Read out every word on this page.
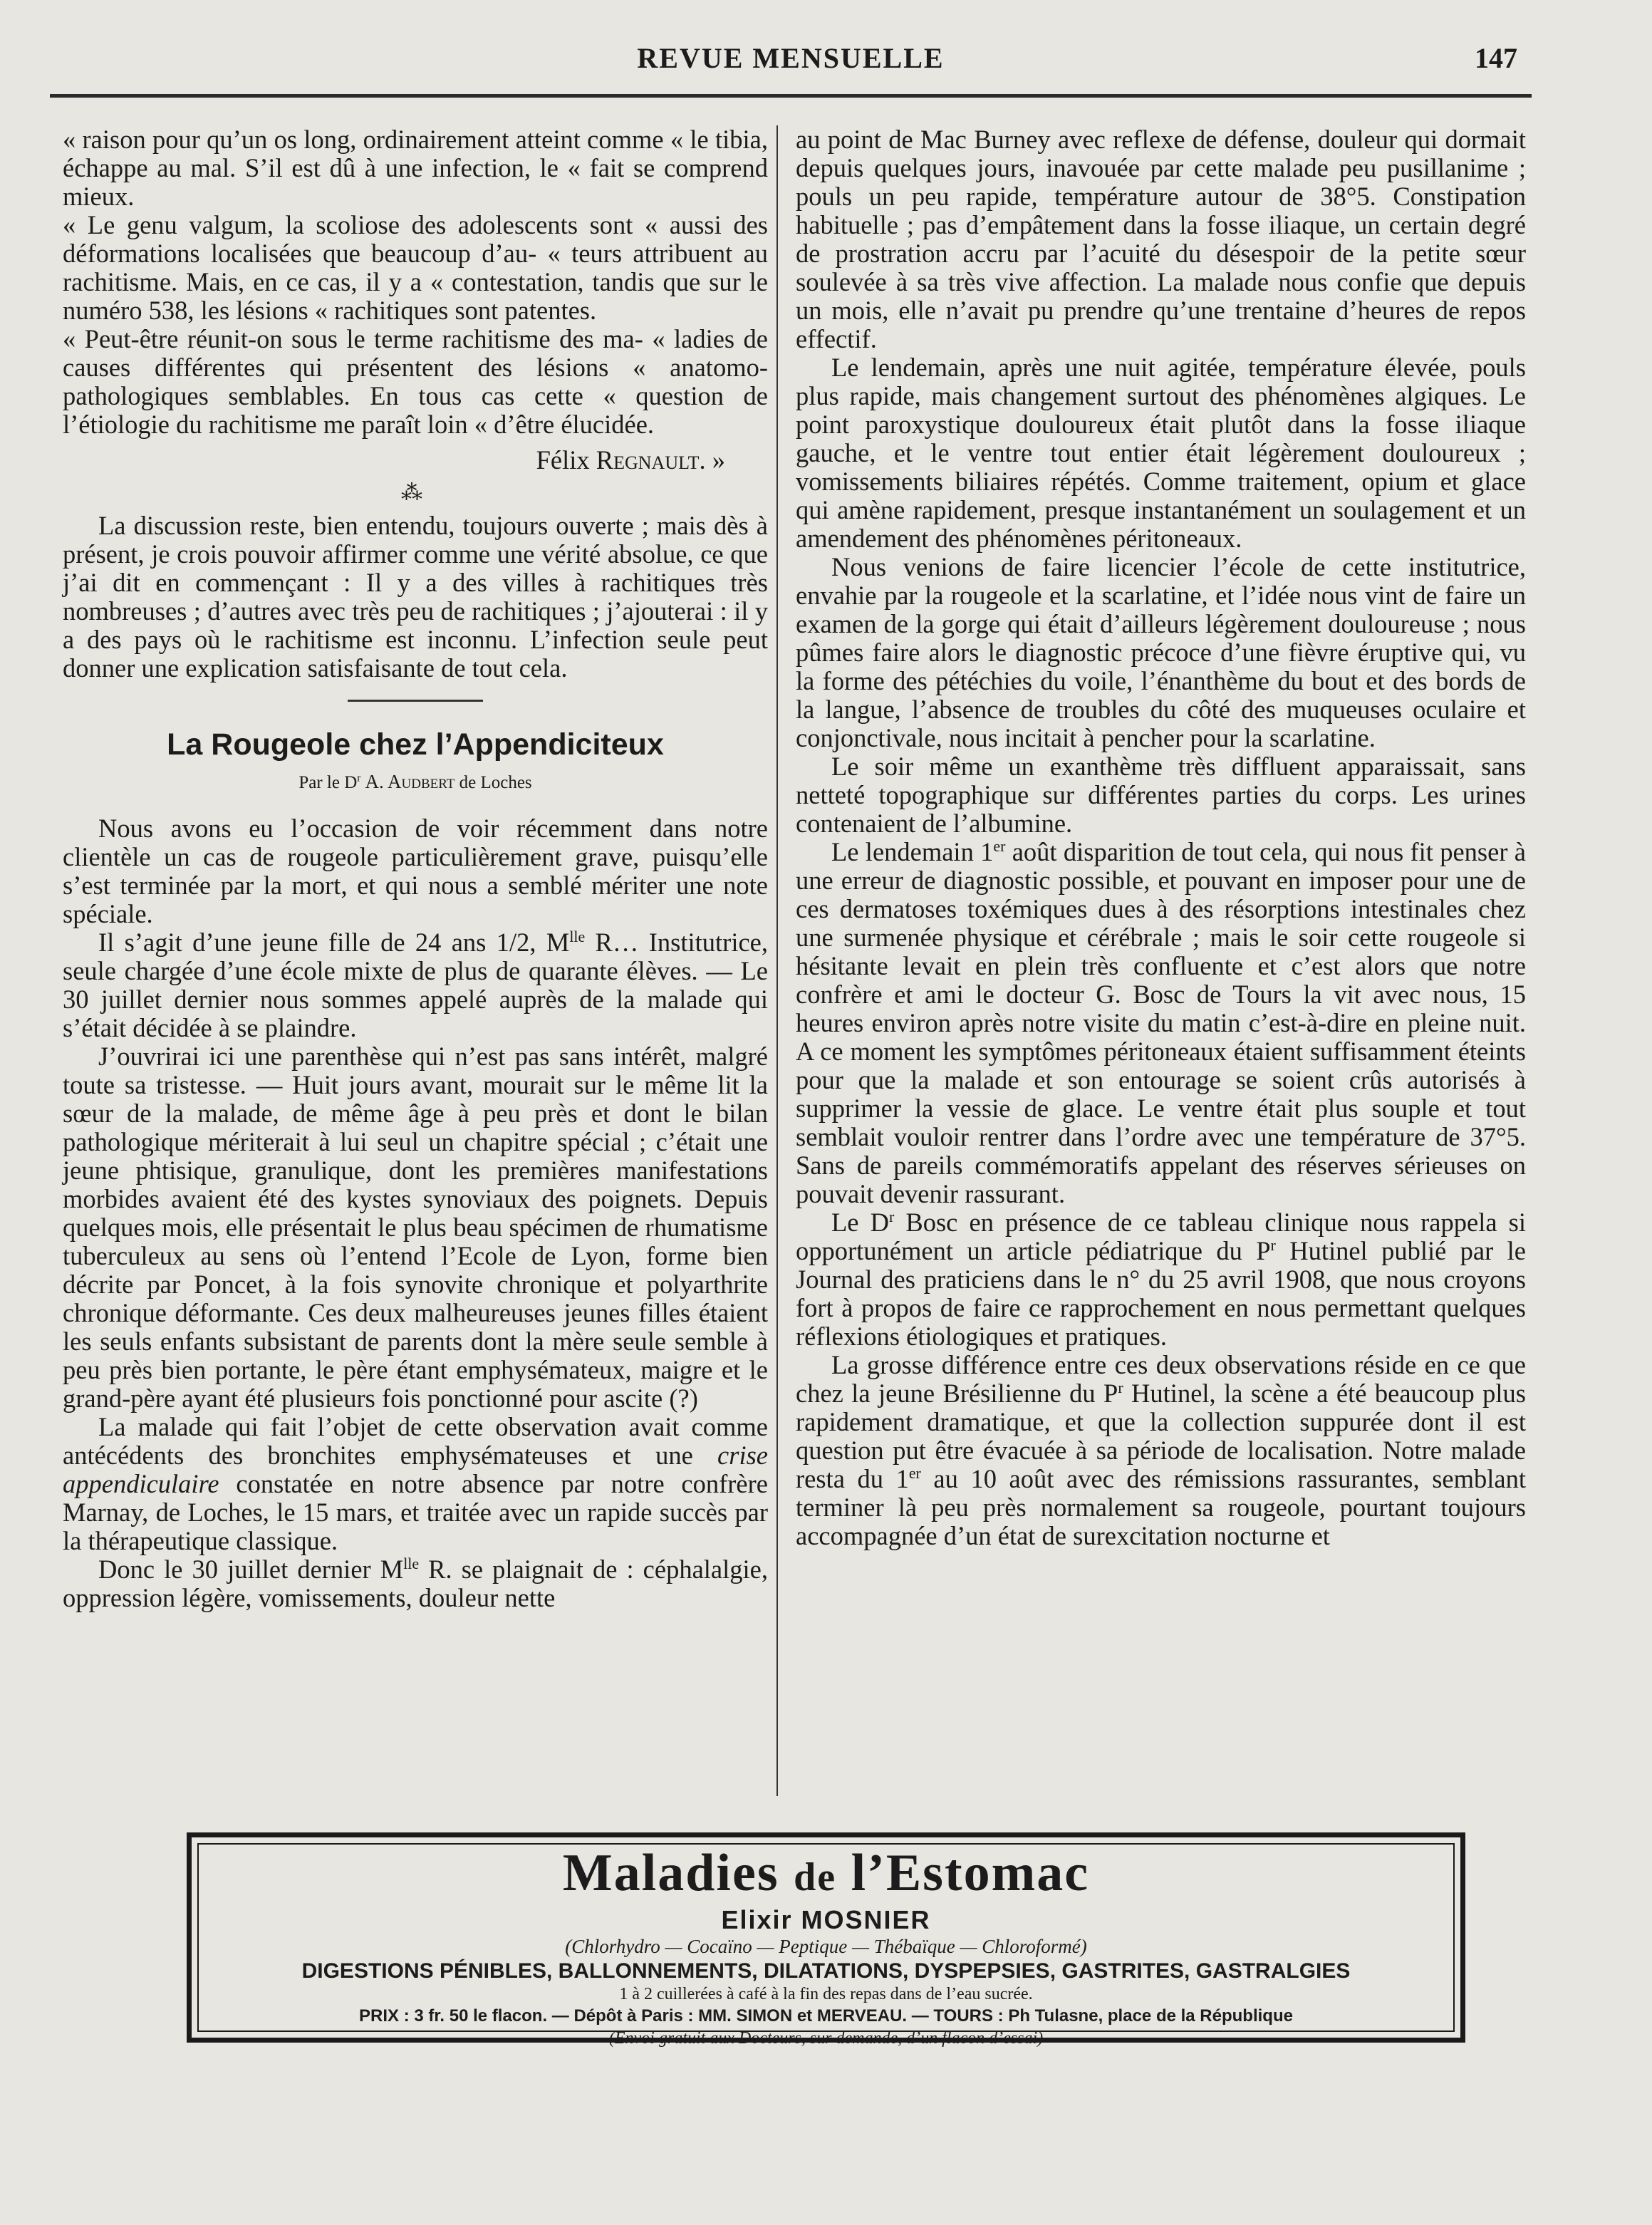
REVUE MENSUELLE	147

« raison pour qu’un os long, ordinairement atteint comme « le tibia, échappe au mal. S’il est dû à une infection, le « fait se comprend mieux.

« Le genu valgum, la scoliose des adolescents sont « aussi des déformations localisées que beaucoup d’au- « teurs attribuent au rachitisme. Mais, en ce cas, il y a « contestation, tandis que sur le numéro 538, les lésions « rachitiques sont patentes.

« Peut-être réunit-on sous le terme rachitisme des ma- « ladies de causes différentes qui présentent des lésions « anatomo-pathologiques semblables. En tous cas cette « question de l’étiologie du rachitisme me paraît loin « d’être élucidée.

Félix Regnault. »

⁂

La discussion reste, bien entendu, toujours ouverte ; mais dès à présent, je crois pouvoir affirmer comme une vérité absolue, ce que j’ai dit en commençant : Il y a des villes à rachitiques très nombreuses ; d’autres avec très peu de rachitiques ; j’ajouterai : il y a des pays où le rachitisme est inconnu. L’infection seule peut donner une explication satisfaisante de tout cela.

La Rougeole chez l’Appendiciteux

Par le $D^r$ A. Audbert de Loches

Nous avons eu l’occasion de voir récemment dans notre clientèle un cas de rougeole particulièrement grave, puisqu’elle s’est terminée par la mort, et qui nous a semblé mériter une note spéciale.

Il s’agit d’une jeune fille de 24 ans 1/2, $M^{lle}$ R… Institutrice, seule chargée d’une école mixte de plus de quarante élèves. — Le 30 juillet dernier nous sommes appelé auprès de la malade qui s’était décidée à se plaindre.

J’ouvrirai ici une parenthèse qui n’est pas sans intérêt, malgré toute sa tristesse. — Huit jours avant, mourait sur le même lit la sœur de la malade, de même âge à peu près et dont le bilan pathologique mériterait à lui seul un chapitre spécial ; c’était une jeune phtisique, granulique, dont les premières manifestations morbides avaient été des kystes synoviaux des poignets. Depuis quelques mois, elle présentait le plus beau spécimen de rhumatisme tuberculeux au sens où l’entend l’Ecole de Lyon, forme bien décrite par Poncet, à la fois synovite chronique et polyarthrite chronique déformante. Ces deux malheureuses jeunes filles étaient les seuls enfants subsistant de parents dont la mère seule semble à peu près bien portante, le père étant emphysémateux, maigre et le grand-père ayant été plusieurs fois ponctionné pour ascite (?)

La malade qui fait l’objet de cette observation avait comme antécédents des bronchites emphysémateuses et une crise appendiculaire constatée en notre absence par notre confrère Marnay, de Loches, le 15 mars, et traitée avec un rapide succès par la thérapeutique classique.

Donc le 30 juillet dernier $M^{lle}$ R. se plaignait de : céphalalgie, oppression légère, vomissements, douleur nette

au point de Mac Burney avec reflexe de défense, douleur qui dormait depuis quelques jours, inavouée par cette malade peu pusillanime ; pouls un peu rapide, température autour de 38°5. Constipation habituelle ; pas d’empâtement dans la fosse iliaque, un certain degré de prostration accru par l’acuité du désespoir de la petite sœur soulevée à sa très vive affection. La malade nous confie que depuis un mois, elle n’avait pu prendre qu’une trentaine d’heures de repos effectif.

Le lendemain, après une nuit agitée, température élevée, pouls plus rapide, mais changement surtout des phénomènes algiques. Le point paroxystique douloureux était plutôt dans la fosse iliaque gauche, et le ventre tout entier était légèrement douloureux ; vomissements biliaires répétés. Comme traitement, opium et glace qui amène rapidement, presque instantanément un soulagement et un amendement des phénomènes péritoneaux.

Nous venions de faire licencier l’école de cette institutrice, envahie par la rougeole et la scarlatine, et l’idée nous vint de faire un examen de la gorge qui était d’ailleurs légèrement douloureuse ; nous pûmes faire alors le diagnostic précoce d’une fièvre éruptive qui, vu la forme des pétéchies du voile, l’énanthème du bout et des bords de la langue, l’absence de troubles du côté des muqueuses oculaire et conjonctivale, nous incitait à pencher pour la scarlatine.

Le soir même un exanthème très diffluent apparaissait, sans netteté topographique sur différentes parties du corps. Les urines contenaient de l’albumine.

Le lendemain 1er août disparition de tout cela, qui nous fit penser à une erreur de diagnostic possible, et pouvant en imposer pour une de ces dermatoses toxémiques dues à des résorptions intestinales chez une surmenée physique et cérébrale ; mais le soir cette rougeole si hésitante levait en plein très confluente et c’est alors que notre confrère et ami le docteur G. Bosc de Tours la vit avec nous, 15 heures environ après notre visite du matin c’est-à-dire en pleine nuit. A ce moment les symptômes péritoneaux étaient suffisamment éteints pour que la malade et son entourage se soient crûs autorisés à supprimer la vessie de glace. Le ventre était plus souple et tout semblait vouloir rentrer dans l’ordre avec une température de 37°5. Sans de pareils commémoratifs appelant des réserves sérieuses on pouvait devenir rassurant.

Le $D^r$ Bosc en présence de ce tableau clinique nous rappela si opportunément un article pédiatrique du $P^r$ Hutinel publié par le Journal des praticiens dans le n° du 25 avril 1908, que nous croyons fort à propos de faire ce rapprochement en nous permettant quelques réflexions étiologiques et pratiques.

La grosse différence entre ces deux observations réside en ce que chez la jeune Brésilienne du $P^r$ Hutinel, la scène a été beaucoup plus rapidement dramatique, et que la collection suppurée dont il est question put être évacuée à sa période de localisation. Notre malade resta du 1er au 10 août avec des rémissions rassurantes, semblant terminer là peu près normalement sa rougeole, pourtant toujours accompagnée d’un état de surexcitation nocturne et

Maladies de l’Estomac
Elixir MOSNIER
(Chlorhydro — Cocaïno — Peptique — Thébaïque — Chloroformé)
DIGESTIONS PÉNIBLES, BALLONNEMENTS, DILATATIONS, DYSPEPSIES, GASTRITES, GASTRALGIES
1 à 2 cuillerées à café à la fin des repas dans de l’eau sucrée.
PRIX : 3 fr. 50 le flacon. — Dépôt à Paris : MM. SIMON et MERVEAU. — TOURS : Ph Tulasne, place de la République
(Envoi gratuit aux Docteurs, sur demande, d’un flacon d’essai)
